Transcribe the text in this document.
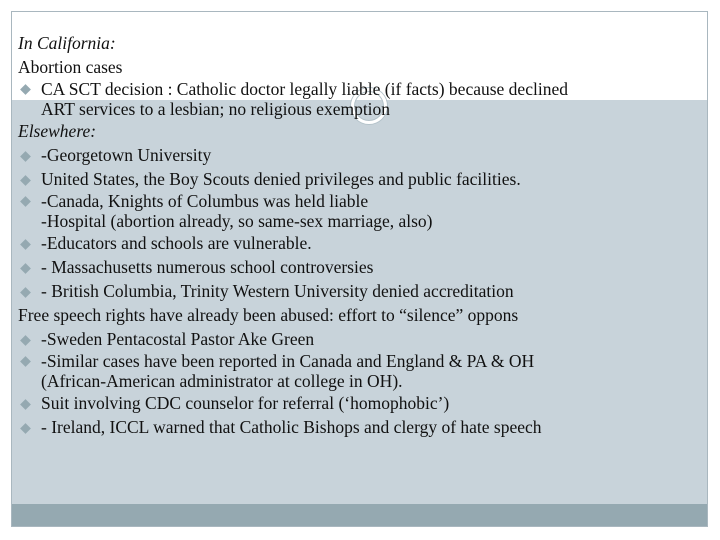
In California:
Abortion cases
CA SCT decision : Catholic doctor legally liable (if facts) because declined
ART services to a lesbian; no religious exemption
Elsewhere:
-Georgetown University
United States, the Boy Scouts denied privileges and public facilities.
-Canada, Knights of Columbus was held liable
-Hospital (abortion already, so same-sex marriage, also)
-Educators and schools are vulnerable.
- Massachusetts numerous school controversies
- British Columbia, Trinity Western University denied accreditation
Free speech rights have already been abused: effort to “silence” oppons
-Sweden Pentacostal Pastor Ake Green
-Similar cases have been reported in Canada and England & PA & OH
(African-American administrator at college in OH).
Suit involving CDC counselor for referral (‘homophobic’)
- Ireland, ICCL warned that Catholic Bishops and clergy of hate speech
